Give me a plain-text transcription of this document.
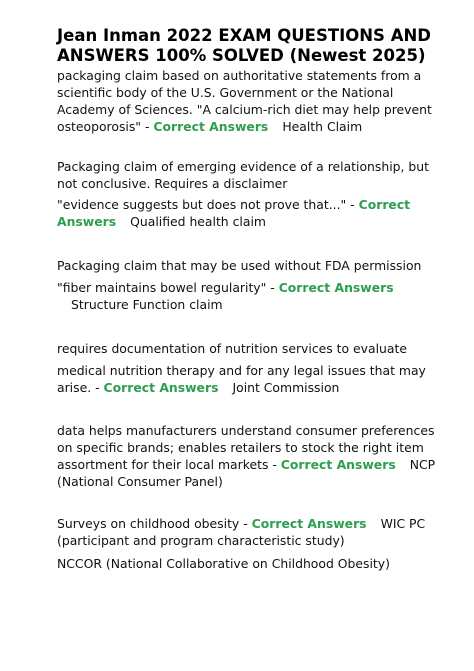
Jean Inman 2022 EXAM QUESTIONS AND ANSWERS 100% SOLVED (Newest 2025)

packaging claim based on authoritative statements from a scientific body of the U.S. Government or the National Academy of Sciences. "A calcium-rich diet may help prevent osteoporosis" - Correct Answers Health Claim

Packaging claim of emerging evidence of a relationship, but not conclusive. Requires a disclaimer

"evidence suggests but does not prove that..." - Correct Answers Qualified health claim

Packaging claim that may be used without FDA permission

"fiber maintains bowel regularity" - Correct Answers
Structure Function claim

requires documentation of nutrition services to evaluate

medical nutrition therapy and for any legal issues that may arise. - Correct Answers Joint Commission

data helps manufacturers understand consumer preferences on specific brands; enables retailers to stock the right item assortment for their local markets - Correct Answers NCP (National Consumer Panel)

Surveys on childhood obesity - Correct Answers WIC PC (participant and program characteristic study)

NCCOR (National Collaborative on Childhood Obesity)
